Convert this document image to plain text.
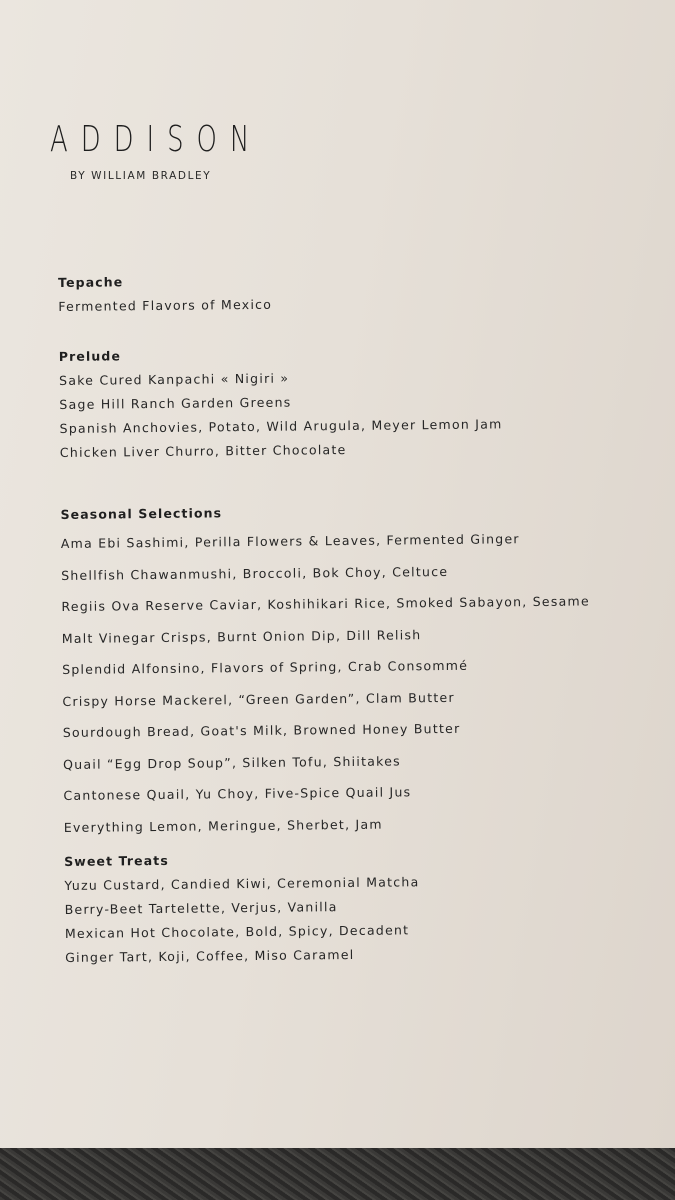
ADDISON
BY WILLIAM BRADLEY
Tepache
Fermented Flavors of Mexico
Prelude
Sake Cured Kanpachi « Nigiri »
Sage Hill Ranch Garden Greens
Spanish Anchovies, Potato, Wild Arugula, Meyer Lemon Jam
Chicken Liver Churro, Bitter Chocolate
Seasonal Selections
Ama Ebi Sashimi, Perilla Flowers & Leaves, Fermented Ginger
Shellfish Chawanmushi, Broccoli, Bok Choy, Celtuce
Regiis Ova Reserve Caviar, Koshihikari Rice, Smoked Sabayon, Sesame
Malt Vinegar Crisps, Burnt Onion Dip, Dill Relish
Splendid Alfonsino, Flavors of Spring, Crab Consommé
Crispy Horse Mackerel, “Green Garden”, Clam Butter
Sourdough Bread, Goat's Milk, Browned Honey Butter
Quail “Egg Drop Soup”, Silken Tofu, Shiitakes
Cantonese Quail, Yu Choy, Five-Spice Quail Jus
Everything Lemon, Meringue, Sherbet, Jam
Sweet Treats
Yuzu Custard, Candied Kiwi, Ceremonial Matcha
Berry-Beet Tartelette, Verjus, Vanilla
Mexican Hot Chocolate, Bold, Spicy, Decadent
Ginger Tart, Koji, Coffee, Miso Caramel
